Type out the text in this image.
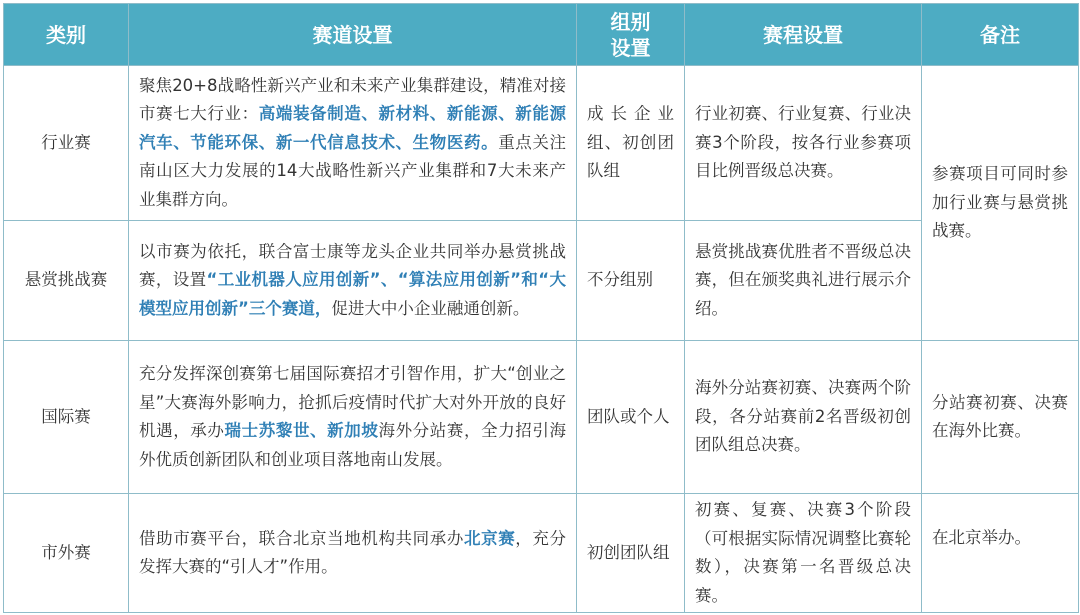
类别	赛道设置	组别设置	赛程设置	备注
行业赛	聚焦20+8战略性新兴产业和未来产业集群建设，精准对接市赛七大行业：高端装备制造、新材料、新能源、新能源汽车、节能环保、新一代信息技术、生物医药。重点关注南山区大力发展的14大战略性新兴产业集群和7大未来产业集群方向。	成长企业组、初创团队组	行业初赛、行业复赛、行业决赛3个阶段，按各行业参赛项目比例晋级总决赛。	参赛项目可同时参加行业赛与悬赏挑战赛。
悬赏挑战赛	以市赛为依托，联合富士康等龙头企业共同举办悬赏挑战赛，设置“工业机器人应用创新”、“算法应用创新”和“大模型应用创新”三个赛道，促进大中小企业融通创新。	不分组别	悬赏挑战赛优胜者不晋级总决赛，但在颁奖典礼进行展示介绍。	
国际赛	充分发挥深创赛第七届国际赛招才引智作用，扩大“创业之星”大赛海外影响力，抢抓后疫情时代扩大对外开放的良好机遇，承办瑞士苏黎世、新加坡海外分站赛，全力招引海外优质创新团队和创业项目落地南山发展。	团队或个人	海外分站赛初赛、决赛两个阶段，各分站赛前2名晋级初创团队组总决赛。	分站赛初赛、决赛在海外比赛。
市外赛	借助市赛平台，联合北京当地机构共同承办北京赛，充分发挥大赛的“引人才”作用。	初创团队组	初赛、复赛、决赛3个阶段（可根据实际情况调整比赛轮数），决赛第一名晋级总决赛。	在北京举办。
